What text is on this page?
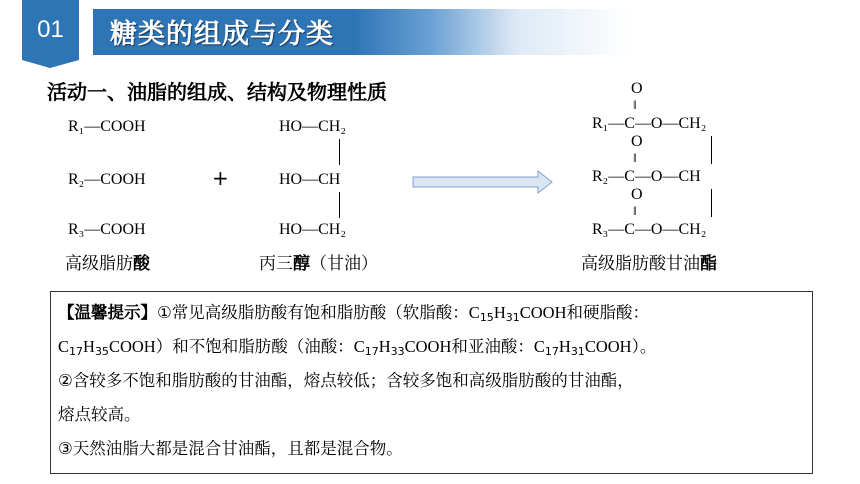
01 糖类的组成与分类
活动一、油脂的组成、结构及物理性质
R₁—COOH
R₂—COOH
R₃—COOH
+
HO—CH₂
HO—CH
HO—CH₂
O
‖
R₁—C—O—CH₂
O
‖
R₂—C—O—CH
O
‖
R₃—C—O—CH₂
高级脂肪酸	丙三醇（甘油）	高级脂肪酸甘油酯
【温馨提示】①常见高级脂肪酸有饱和脂肪酸（软脂酸：$C_{15}H_{31}COOH$和硬脂酸：
$C_{17}H_{35}COOH$）和不饱和脂肪酸（油酸：$C_{17}H_{33}COOH$和亚油酸：$C_{17}H_{31}COOH$）。
②含较多不饱和脂肪酸的甘油酯，熔点较低；含较多饱和高级脂肪酸的甘油酯，
熔点较高。
③天然油脂大都是混合甘油酯，且都是混合物。
